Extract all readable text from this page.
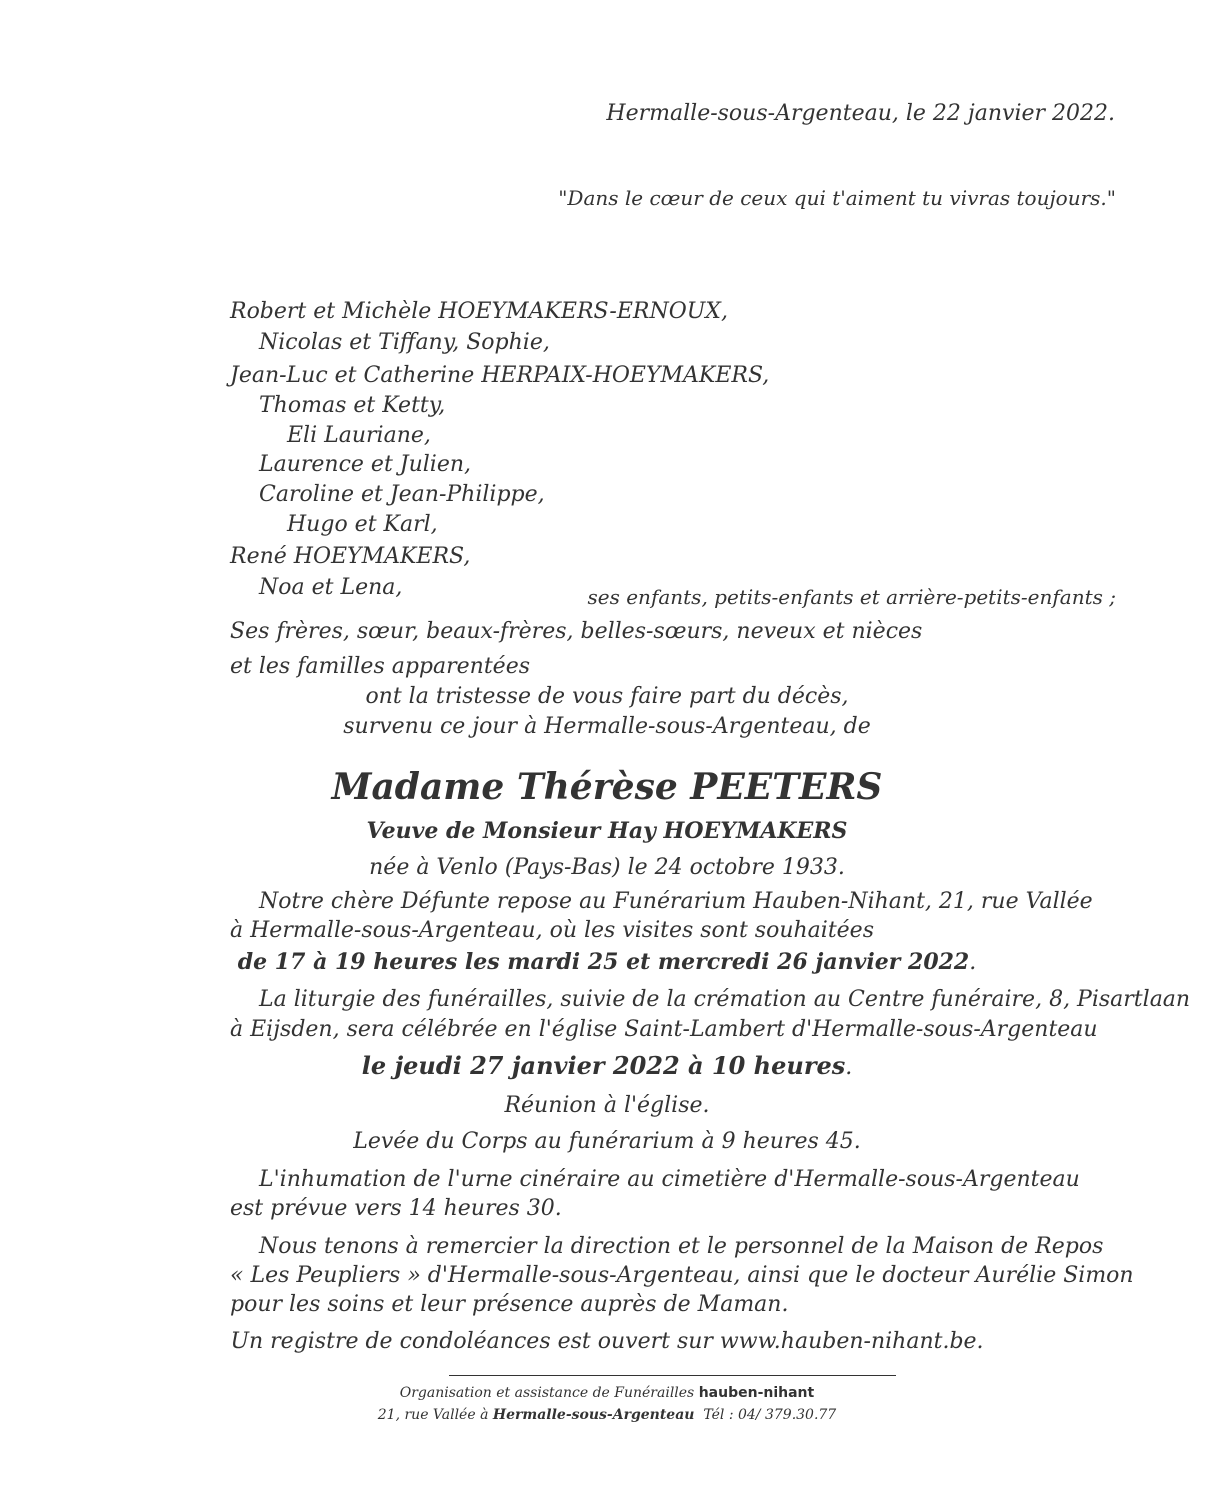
Hermalle-sous-Argenteau, le 22 janvier 2022.

"Dans le cœur de ceux qui t'aiment tu vivras toujours."

Robert et Michèle HOEYMAKERS-ERNOUX,

Nicolas et Tiffany, Sophie,

Jean-Luc et Catherine HERPAIX-HOEYMAKERS,

Thomas et Ketty,

Eli Lauriane,

Laurence et Julien,

Caroline et Jean-Philippe,

Hugo et Karl,

René HOEYMAKERS,

Noa et Lena,	ses enfants, petits-enfants et arrière-petits-enfants ;

Ses frères, sœur, beaux-frères, belles-sœurs, neveux et nièces

et les familles apparentées

ont la tristesse de vous faire part du décès,

survenu ce jour à Hermalle-sous-Argenteau, de

Madame Thérèse PEETERS

Veuve de Monsieur Hay HOEYMAKERS

née à Venlo (Pays-Bas) le 24 octobre 1933.

Notre chère Défunte repose au Funérarium Hauben-Nihant, 21, rue Vallée

à Hermalle-sous-Argenteau, où les visites sont souhaitées

de 17 à 19 heures les mardi 25 et mercredi 26 janvier 2022.

La liturgie des funérailles, suivie de la crémation au Centre funéraire, 8, Pisartlaan

à Eijsden, sera célébrée en l'église Saint-Lambert d'Hermalle-sous-Argenteau

le jeudi 27 janvier 2022 à 10 heures.

Réunion à l'église.

Levée du Corps au funérarium à 9 heures 45.

L'inhumation de l'urne cinéraire au cimetière d'Hermalle-sous-Argenteau

est prévue vers 14 heures 30.

Nous tenons à remercier la direction et le personnel de la Maison de Repos

« Les Peupliers » d'Hermalle-sous-Argenteau, ainsi que le docteur Aurélie Simon

pour les soins et leur présence auprès de Maman.

Un registre de condoléances est ouvert sur www.hauben-nihant.be.

Organisation et assistance de Funérailles hauben-nihant

21, rue Vallée à Hermalle-sous-Argenteau  Tél : 04/ 379.30.77
